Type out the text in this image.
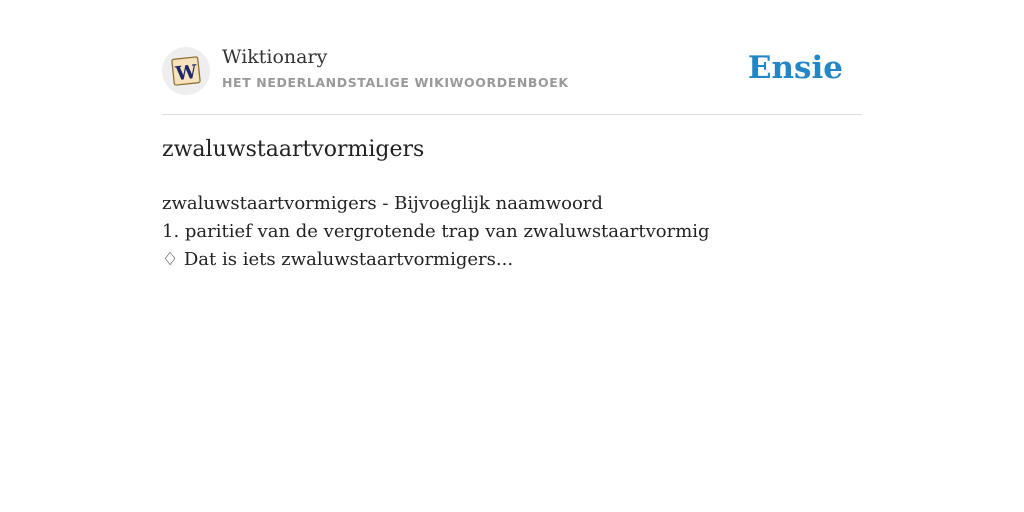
W
Wiktionary
HET NEDERLANDSTALIGE WIKIWOORDENBOEK	Ensie
zwaluwstaartvormigers
zwaluwstaartvormigers - Bijvoeglijk naamwoord
1. paritief van de vergrotende trap van zwaluwstaartvormig
♢ Dat is iets zwaluwstaartvormigers...
